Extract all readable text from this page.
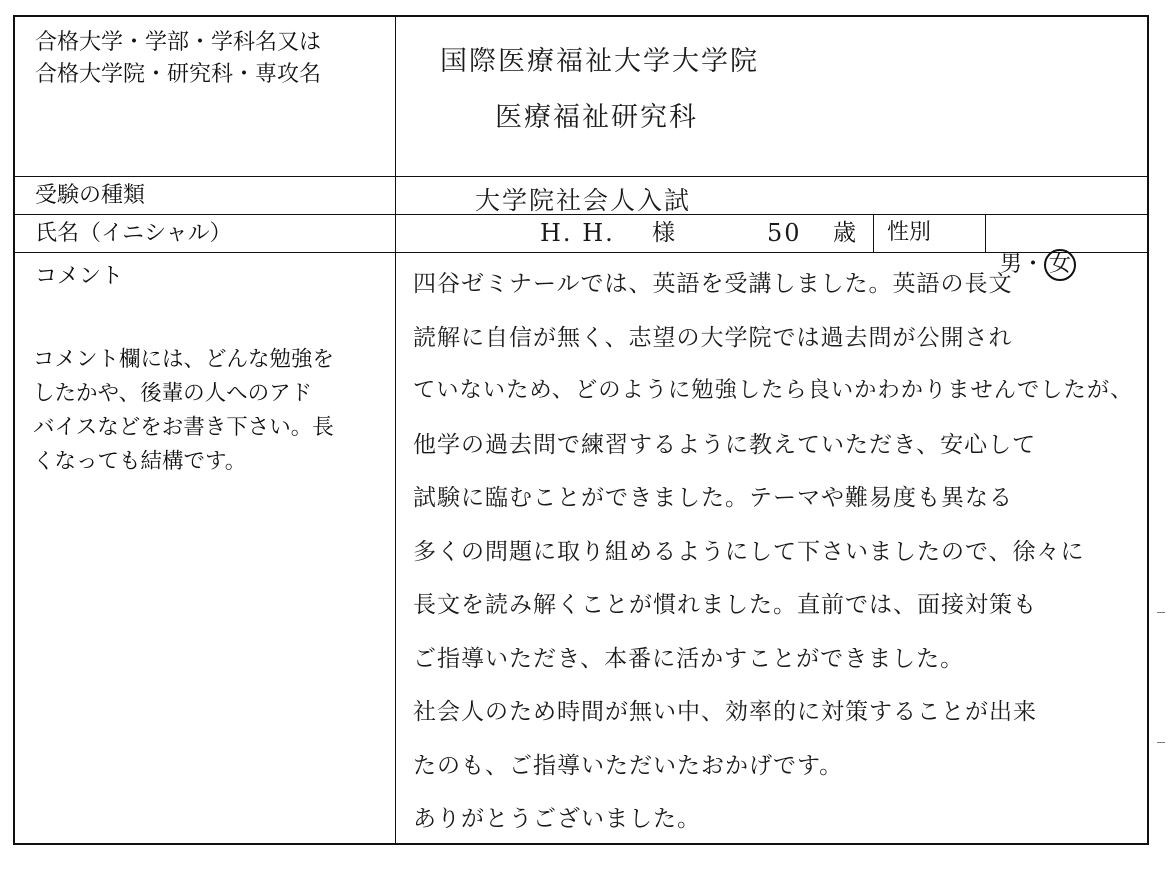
合格大学・学部・学科名又は
合格大学院・研究科・専攻名
受験の種類
氏名（イニシャル）
コメント
コメント欄には、どんな勉強を
したかや、後輩の人へのアド
バイスなどをお書き下さい。長
くなっても結構です。
国際医療福祉大学大学院
医療福祉研究科
大学院社会人入試
H. H. 様	50 歳 性別

男・ 女

四谷ゼミナールでは、英語を受講しました。英語の長文
読解に自信が無く、志望の大学院では過去問が公開され
ていないため、どのように勉強したら良いかわかりませんでしたが、
他学の過去問で練習するように教えていただき、安心して
試験に臨むことができました。テーマや難易度も異なる
多くの問題に取り組めるようにして下さいましたので、徐々に
長文を読み解くことが慣れました。直前では、面接対策も
ご指導いただき、本番に活かすことができました。
社会人のため時間が無い中、効率的に対策することが出来
たのも、ご指導いただいたおかげです。
ありがとうございました。
